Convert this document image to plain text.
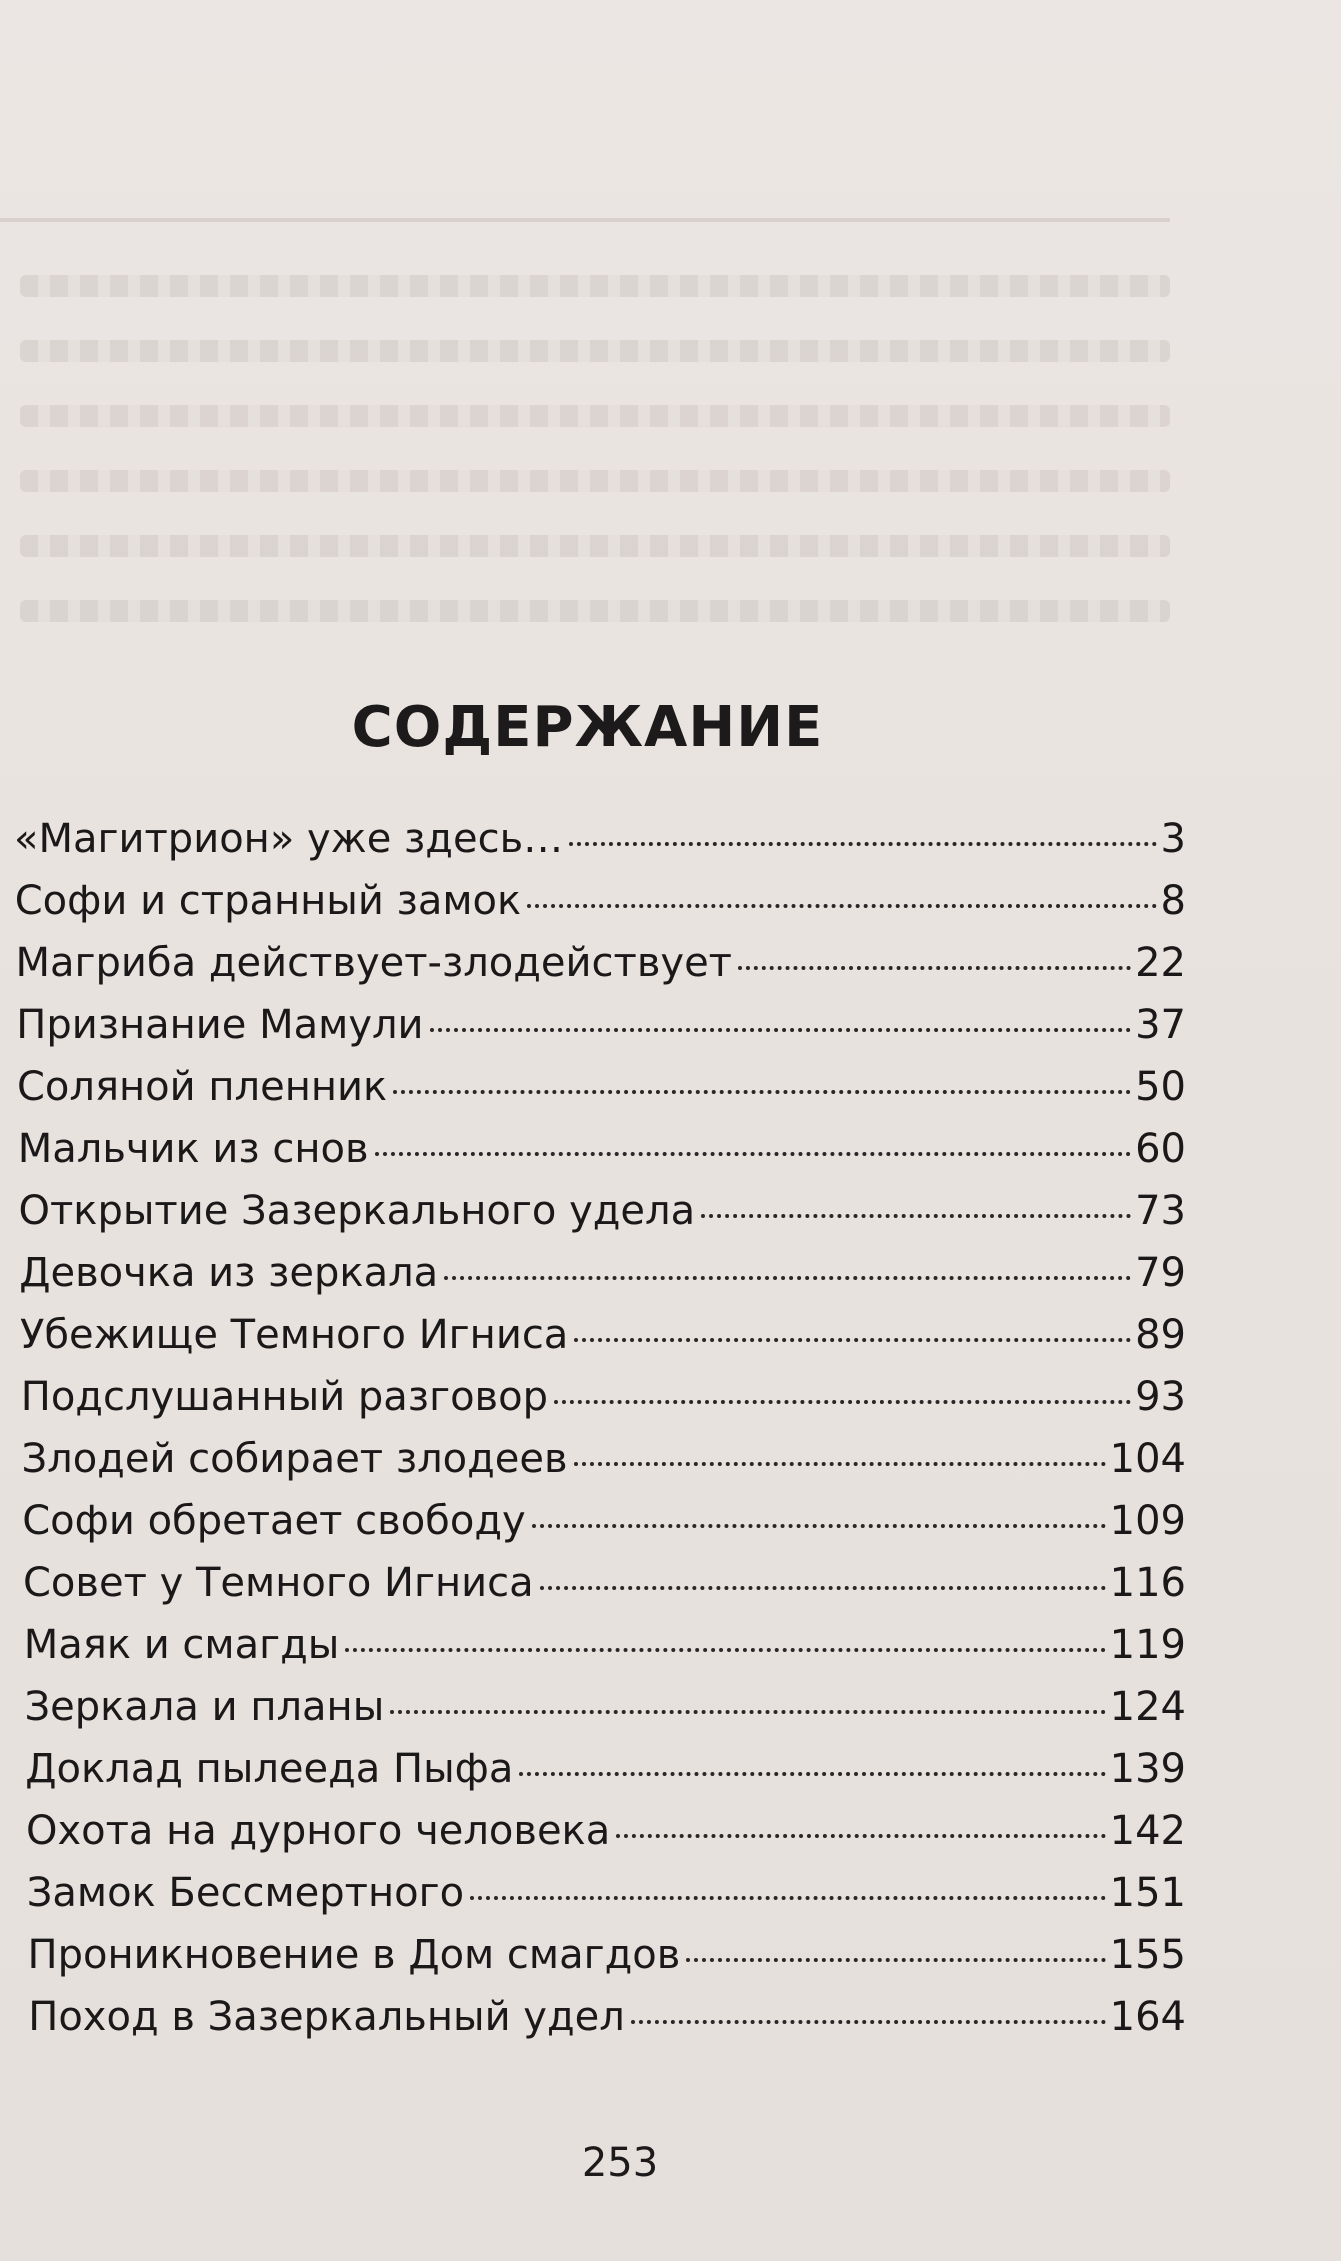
СОДЕРЖАНИЕ
«Магитрион» уже здесь…	3
Софи и странный замок	8
Магриба действует-злодействует	22
Признание Мамули	37
Соляной пленник	50
Мальчик из снов	60
Открытие Зазеркального удела	73
Девочка из зеркала	79
Убежище Темного Игниса	89
Подслушанный разговор	93
Злодей собирает злодеев	104
Софи обретает свободу	109
Совет у Темного Игниса	116
Маяк и смагды	119
Зеркала и планы	124
Доклад пылееда Пыфа	139
Охота на дурного человека	142
Замок Бессмертного	151
Проникновение в Дом смагдов	155
Поход в Зазеркальный удел	164
253
